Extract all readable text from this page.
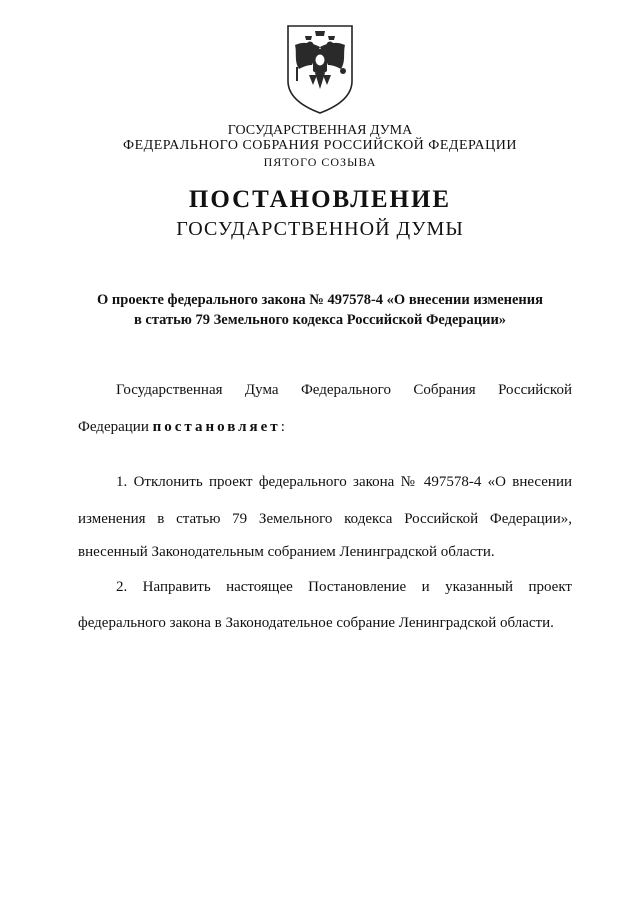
ГОСУДАРСТВЕННАЯ ДУМА
ФЕДЕРАЛЬНОГО СОБРАНИЯ РОССИЙСКОЙ ФЕДЕРАЦИИ
ПЯТОГО СОЗЫВА
ПОСТАНОВЛЕНИЕ
ГОСУДАРСТВЕННОЙ ДУМЫ
О проекте федерального закона № 497578-4 «О внесении изменения
в статью 79 Земельного кодекса Российской Федерации»
Государственная Дума Федерального Собрания Российской
Федерации постановляет:
1. Отклонить проект федерального закона № 497578-4 «О внесении
изменения в статью 79 Земельного кодекса Российской Федерации»,
внесенный Законодательным собранием Ленинградской области.
2. Направить настоящее Постановление и указанный проект
федерального закона в Законодательное собрание Ленинградской области.
